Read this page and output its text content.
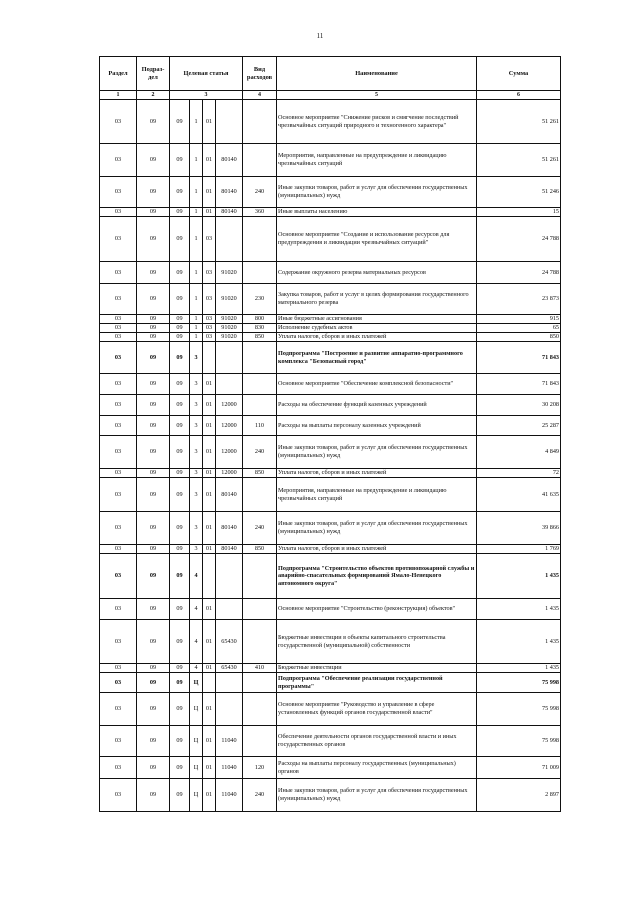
11
Раздел	Подраз-дел	Целевая статья				Вид расходов	Наименование	Сумма
1	2	3				4	5	6
03	09	09	1	01			Основное мероприятие "Снижение рисков и смягчение последствий чрезвычайных ситуаций природного и техногенного характера"	51 261
03	09	09	1	01	80140		Мероприятия, направленные на предупреждение и ликвидацию чрезвычайных ситуаций	51 261
03	09	09	1	01	80140	240	Иные закупки товаров, работ и услуг для обеспечения государственных (муниципальных) нужд	51 246
03	09	09	1	01	80140	360	Иные выплаты населению	15
03	09	09	1	03			Основное мероприятие "Создание и использование ресурсов для предупреждения и ликвидации чрезвычайных ситуаций"	24 788
03	09	09	1	03	91020		Содержание окружного резерва материальных ресурсов	24 788
03	09	09	1	03	91020	230	Закупка товаров, работ и услуг в целях формирования государственного материального резерва	23 873
03	09	09	1	03	91020	800	Иные бюджетные ассигнования	915
03	09	09	1	03	91020	830	Исполнение судебных актов	65
03	09	09	1	03	91020	850	Уплата налогов, сборов и иных платежей	850
03	09	09	3				Подпрограмма "Построение и развитие аппаратно-программного комплекса "Безопасный город"	71 843
03	09	09	3	01			Основное мероприятие "Обеспечение комплексной безопасности"	71 843
03	09	09	3	01	12000		Расходы на обеспечение функций казенных учреждений	30 208
03	09	09	3	01	12000	110	Расходы на выплаты персоналу казенных учреждений	25 287
03	09	09	3	01	12000	240	Иные закупки товаров, работ и услуг для обеспечения государственных (муниципальных) нужд	4 849
03	09	09	3	01	12000	850	Уплата налогов, сборов и иных платежей	72
03	09	09	3	01	80140		Мероприятия, направленные на предупреждение и ликвидацию чрезвычайных ситуаций	41 635
03	09	09	3	01	80140	240	Иные закупки товаров, работ и услуг для обеспечения государственных (муниципальных) нужд	39 866
03	09	09	3	01	80140	850	Уплата налогов, сборов и иных платежей	1 769
03	09	09	4				Подпрограмма "Строительство объектов противопожарной службы и аварийно-спасательных формирований Ямало-Ненецкого автономного округа"	1 435
03	09	09	4	01			Основное мероприятие "Строительство (реконструкция) объектов"	1 435
03	09	09	4	01	65430		Бюджетные инвестиции в объекты капитального строительства государственной (муниципальной) собственности	1 435
03	09	09	4	01	65430	410	Бюджетные инвестиции	1 435
03	09	09	Ц				Подпрограмма "Обеспечение реализации государственной программы"	75 998
03	09	09	Ц	01			Основное мероприятие "Руководство и управление в сфере установленных функций органов государственной власти"	75 998
03	09	09	Ц	01	11040		Обеспечение деятельности органов государственной власти и иных государственных органов	75 998
03	09	09	Ц	01	11040	120	Расходы на выплаты персоналу государственных (муниципальных) органов	71 009
03	09	09	Ц	01	11040	240	Иные закупки товаров, работ и услуг для обеспечения государственных (муниципальных) нужд	2 897
